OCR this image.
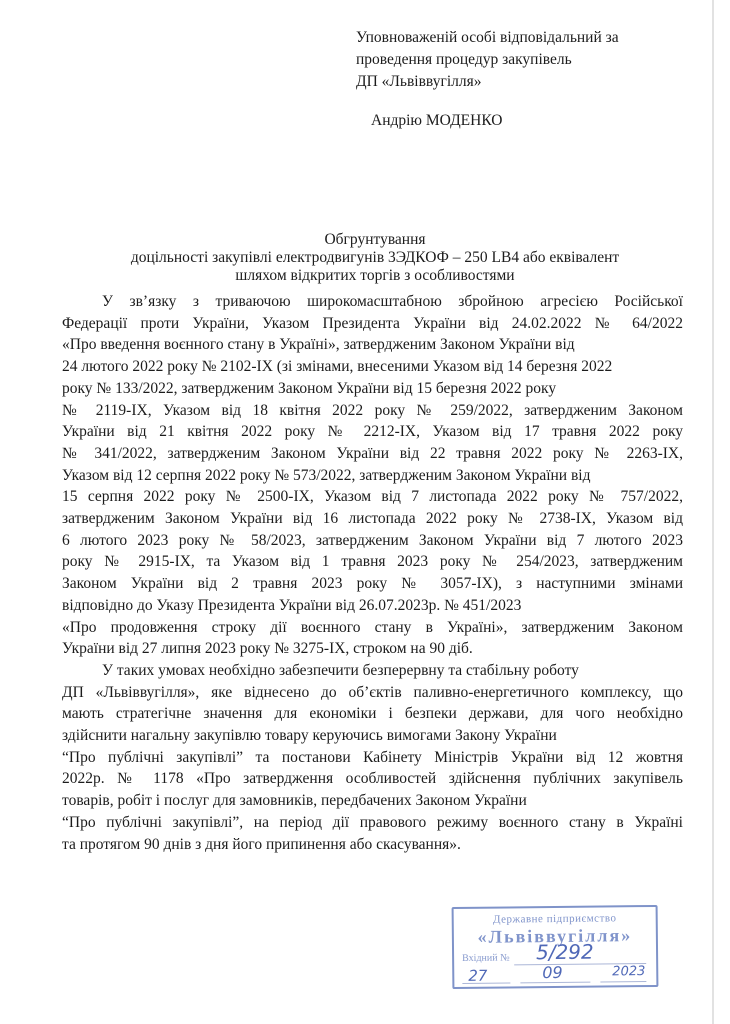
Уповноваженій особі відповідальний за
проведення процедур закупівель
ДП «Львіввугілля»
Андрію МОДЕНКО
Обгрунтування
доцільності закупівлі електродвигунів 3ЭДКОФ – 250 LB4 або еквівалент
шляхом відкритих торгів з особливостями
У зв’язку з триваючою широкомасштабною збройною агресією Російської
Федерації проти України, Указом Президента України від 24.02.2022 № 64/2022
«Про введення воєнного стану в Україні», затвердженим Законом України від
24 лютого 2022 року № 2102-IX (зі змінами, внесеними Указом від 14 березня 2022
року № 133/2022, затвердженим Законом України від 15 березня 2022 року
№ 2119-IX, Указом від 18 квітня 2022 року № 259/2022, затвердженим Законом
України від 21 квітня 2022 року № 2212-IX, Указом від 17 травня 2022 року
№ 341/2022, затвердженим Законом України від 22 травня 2022 року № 2263-IX,
Указом від 12 серпня 2022 року № 573/2022, затвердженим Законом України від
15 серпня 2022 року № 2500-IX, Указом від 7 листопада 2022 року № 757/2022,
затвердженим Законом України від 16 листопада 2022 року № 2738-IX, Указом від
6 лютого 2023 року № 58/2023, затвердженим Законом України від 7 лютого 2023
року № 2915-IX, та Указом від 1 травня 2023 року № 254/2023, затвердженим
Законом України від 2 травня 2023 року № 3057-IX), з наступними змінами
відповідно до Указу Президента України від 26.07.2023р. № 451/2023
«Про продовження строку дії воєнного стану в Україні», затвердженим Законом
України від 27 липня 2023 року № 3275-IX, строком на 90 діб.
У таких умовах необхідно забезпечити безперервну та стабільну роботу
ДП «Львіввугілля», яке віднесено до об’єктів паливно-енергетичного комплексу, що
мають стратегічне значення для економіки і безпеки держави, для чого необхідно
здійснити нагальну закупівлю товару керуючись вимогами Закону України
“Про публічні закупівлі” та постанови Кабінету Міністрів України від 12 жовтня
2022р. № 1178 «Про затвердження особливостей здійснення публічних закупівель
товарів, робіт і послуг для замовників, передбачених Законом України
“Про публічні закупівлі”, на період дії правового режиму воєнного стану в Україні
та протягом 90 днів з дня його припинення або скасування».
Державне підприємство
«Львіввугілля»
Вхідний № 5/292
27	09	2023
